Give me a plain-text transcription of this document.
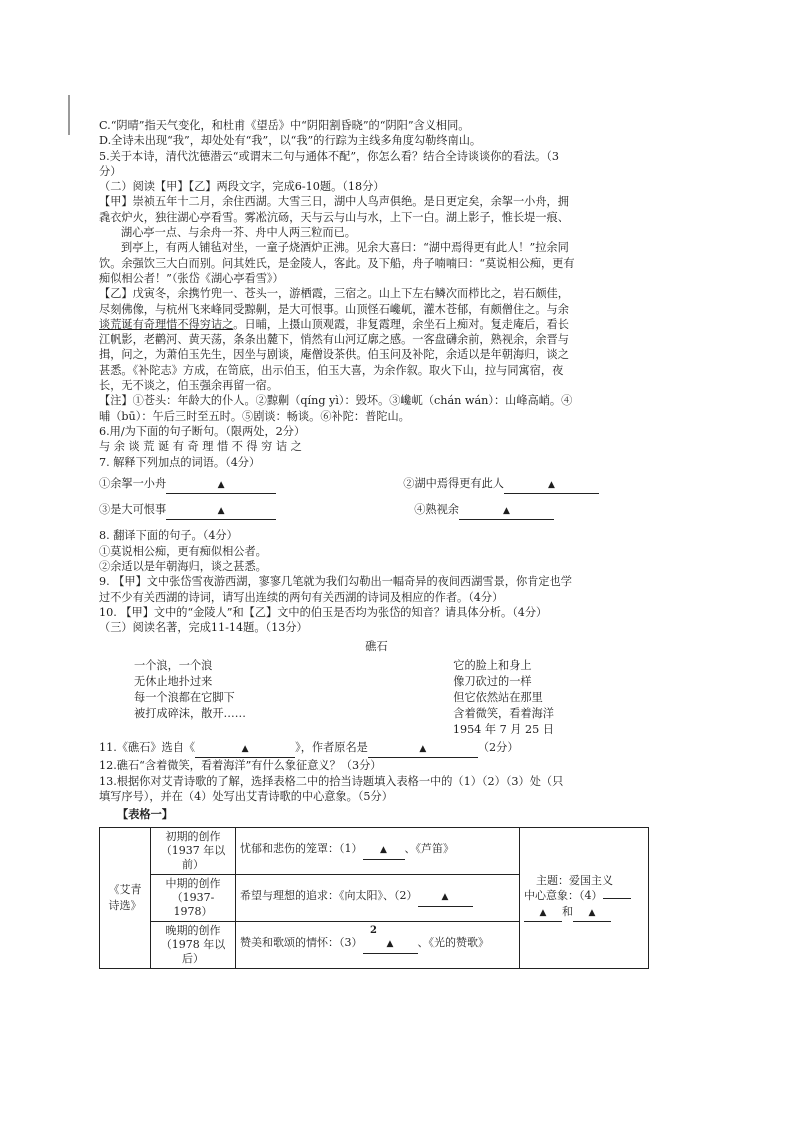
C.“阴晴”指天气变化，和杜甫《望岳》中“阴阳割昏晓”的“阴阳”含义相同。

D.全诗未出现“我”，却处处有“我”，以“我”的行踪为主线多角度勾勒终南山。

5.关于本诗，清代沈德潜云“或谓末二句与通体不配”，你怎么看？结合全诗谈谈你的看法。（3

分）

（二）阅读【甲】【乙】两段文字，完成6-10题。（18分）

【甲】崇祯五年十二月，余住西湖。大雪三日，湖中人鸟声俱绝。是日更定矣，余挐一小舟，拥

毳衣炉火，独往湖心亭看雪。雾凇沆砀，天与云与山与水，上下一白。湖上影子，惟长堤一痕、

湖心亭一点、与余舟一芥、舟中人两三粒而已。

到亭上，有两人铺毡对坐，一童子烧酒炉正沸。见余大喜曰：“湖中焉得更有此人！”拉余同

饮。余强饮三大白而别。问其姓氏，是金陵人，客此。及下船，舟子喃喃曰：“莫说相公痴，更有

痴似相公者！”（张岱《湖心亭看雪》）

【乙】戊寅冬，余携竹兜一、苍头一，游栖霞，三宿之。山上下左右鳞次而栉比之，岩石颇佳，

尽刻佛像，与杭州飞来峰同受黥劓，是大可恨事。山顶怪石巉屼，灌木苍郁，有颇僧住之。与余

谈荒诞有奇理惜不得穷诘之。日晡，上摄山顶观霞，非复霞理，余坐石上痴对。复走庵后，看长

江帆影，老鹳河、黄天荡，条条出麓下，悄然有山河辽廓之感。一客盘礴余前，熟视余，余晋与

揖，问之，为萧伯玉先生，因坐与剧谈，庵僧设茶供。伯玉问及补陀，余适以是年朝海归，谈之

甚悉。《补陀志》方成，在笥底，出示伯玉，伯玉大喜，为余作叙。取火下山，拉与同寓宿，夜

长，无不谈之，伯玉强余再留一宿。

【注】①苍头：年龄大的仆人。②黥劓（qíng yì）：毁坏。③巉屼（chán wán）：山峰高峭。④

晡（bū）：午后三时至五时。⑤剧谈：畅谈。⑥补陀：普陀山。

6.用/为下面的句子断句。（限两处，2分）

与 余 谈 荒 诞 有 奇 理 惜 不 得 穷 诘 之

7. 解释下列加点的词语。（4分）

①余挐一小舟	▲	②湖中焉得更有此人	▲
③是大可恨事	▲	④熟视余	▲

8. 翻译下面的句子。（4分）

①莫说相公痴，更有痴似相公者。

②余适以是年朝海归，谈之甚悉。

9. 【甲】文中张岱雪夜游西湖，寥寥几笔就为我们勾勒出一幅奇异的夜间西湖雪景，你肯定也学

过不少有关西湖的诗词，请写出连续的两句有关西湖的诗词及相应的作者。（4分）

10. 【甲】文中的“金陵人”和【乙】文中的伯玉是否均为张岱的知音？请具体分析。（4分）

（三）阅读名著，完成11-14题。（13分）

礁石
一个浪，一个浪
无休止地扑过来
每一个浪都在它脚下
被打成碎沫，散开……
它的脸上和身上
像刀砍过的一样
但它依然站在那里
含着微笑，看着海洋
1954 年 7 月 25 日

11.《礁石》选自《	▲	》，作者原名是	▲	（2分）

12.礁石“含着微笑，看着海洋”有什么象征意义？（3分）

13.根据你对艾青诗歌的了解，选择表格二中的拾当诗题填入表格一中的（1）（2）（3）处（只

填写序号），并在（4）处写出艾青诗歌的中心意象。（5分）

【表格一】

《艾青诗选》	初期的创作（1937 年以前）	忧郁和悲伤的笼罩：（1） ▲ 、《芦笛》	主题：爱国主义
中心意象：（4）
▲ 和 ▲

	中期的创作（1937-1978）	希望与理想的追求：《向太阳》、（2） ▲	
	晚期的创作（1978 年以后）	赞美和歌颂的情怀：（3） ▲ 、《光的赞歌》	
2
